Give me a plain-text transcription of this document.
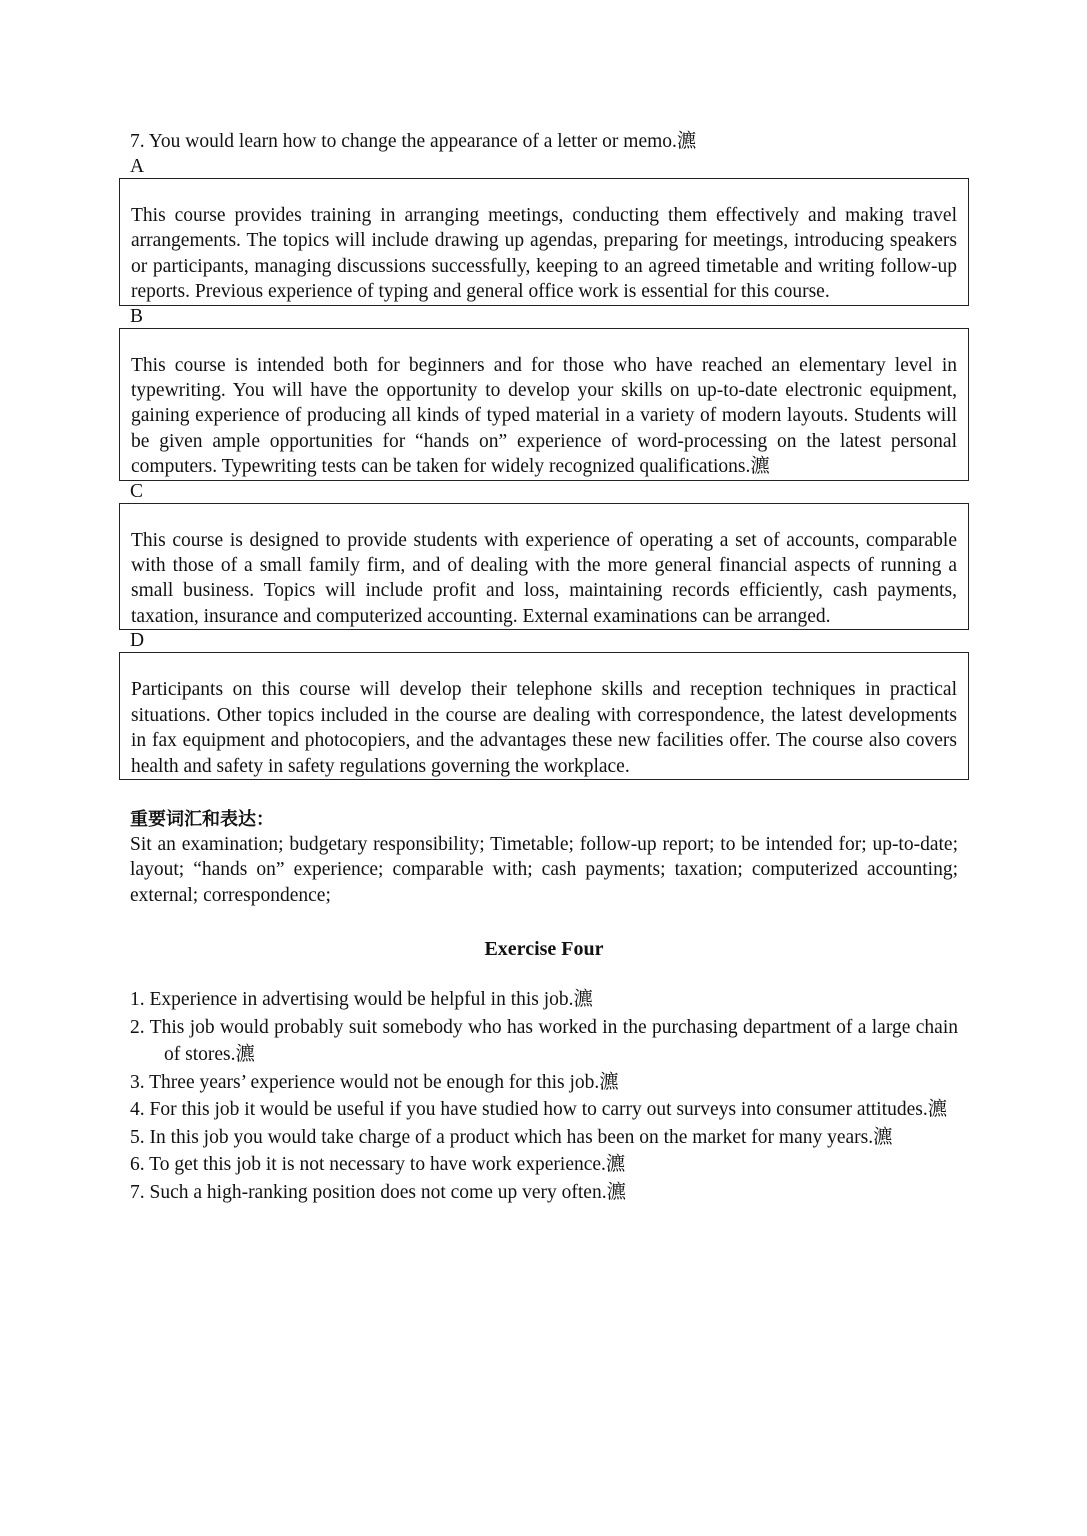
7. You would learn how to change the appearance of a letter or memo.瀌

A

This course provides training in arranging meetings, conducting them effectively and making travel arrangements. The topics will include drawing up agendas, preparing for meetings, introducing speakers or participants, managing discussions successfully, keeping to an agreed timetable and writing follow-up reports. Previous experience of typing and general office work is essential for this course.

B

This course is intended both for beginners and for those who have reached an elementary level in typewriting. You will have the opportunity to develop your skills on up-to-date electronic equipment, gaining experience of producing all kinds of typed material in a variety of modern layouts. Students will be given ample opportunities for “hands on” experience of word-processing on the latest personal computers. Typewriting tests can be taken for widely recognized qualifications.瀌

C

This course is designed to provide students with experience of operating a set of accounts, comparable with those of a small family firm, and of dealing with the more general financial aspects of running a small business. Topics will include profit and loss, maintaining records efficiently, cash payments, taxation, insurance and computerized accounting. External examinations can be arranged.

D

Participants on this course will develop their telephone skills and reception techniques in practical situations. Other topics included in the course are dealing with correspondence, the latest developments in fax equipment and photocopiers, and the advantages these new facilities offer. The course also covers health and safety in safety regulations governing the workplace.

重要词汇和表达：
Sit an examination; budgetary responsibility; Timetable; follow-up report; to be intended for; up-to-date; layout; “hands on” experience; comparable with; cash payments; taxation; computerized accounting; external; correspondence;
Exercise Four

1. Experience in advertising would be helpful in this job.瀌

2. This job would probably suit somebody who has worked in the purchasing department of a large chain of stores.瀌

3. Three years’ experience would not be enough for this job.瀌

4. For this job it would be useful if you have studied how to carry out surveys into consumer attitudes.瀌

5. In this job you would take charge of a product which has been on the market for many years.瀌

6. To get this job it is not necessary to have work experience.瀌

7. Such a high-ranking position does not come up very often.瀌
